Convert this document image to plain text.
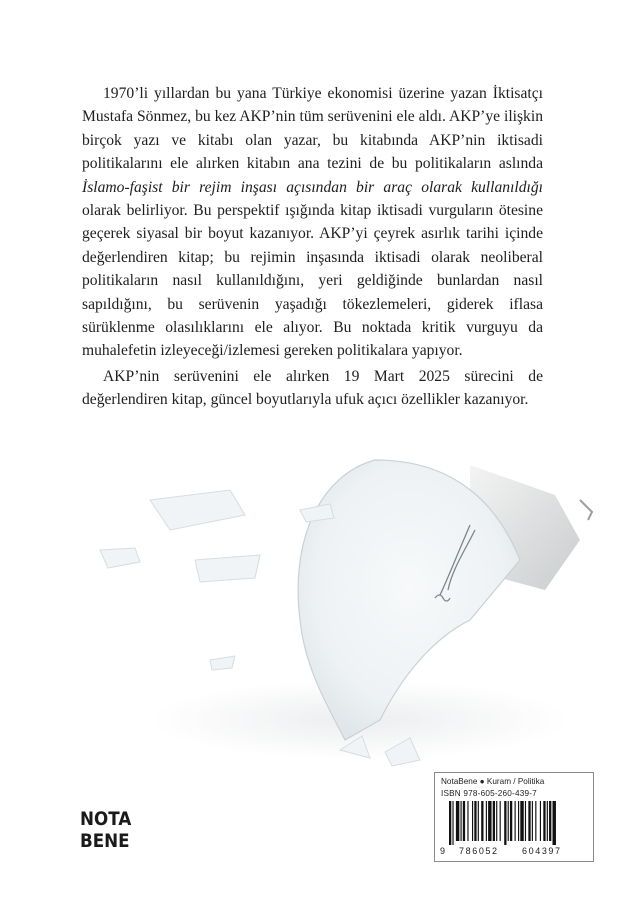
1970’li yıllardan bu yana Türkiye ekonomisi üzerine yazan İktisatçı Mustafa Sönmez, bu kez AKP’nin tüm serüvenini ele aldı. AKP’ye ilişkin birçok yazı ve kitabı olan yazar, bu kitabında AKP’nin iktisadi politikalarını ele alırken kitabın ana tezini de bu politikaların aslında İslamo-faşist bir rejim inşası açısından bir araç olarak kullanıldığı olarak belirliyor. Bu perspektif ışığında kitap iktisadi vurguların ötesine geçerek siyasal bir boyut kazanıyor. AKP’yi çeyrek asırlık tarihi içinde değerlendiren kitap; bu rejimin inşasında iktisadi olarak neoliberal politikaların nasıl kullanıldığını, yeri geldiğinde bunlardan nasıl sapıldığını, bu serüvenin yaşadığı tökezlemeleri, giderek iflasa sürüklenme olasılıklarını ele alıyor. Bu noktada kritik vurguyu da muhalefetin izleyeceği/izlemesi gereken politikalara yapıyor.

AKP’nin serüvenini ele alırken 19 Mart 2025 sürecini de değerlendiren kitap, güncel boyutlarıyla ufuk açıcı özellikler kazanıyor.

NOTA
BENE
NotaBene ● Kuram / Politika
ISBN 978-605-260-439-7
9 786052	604397
